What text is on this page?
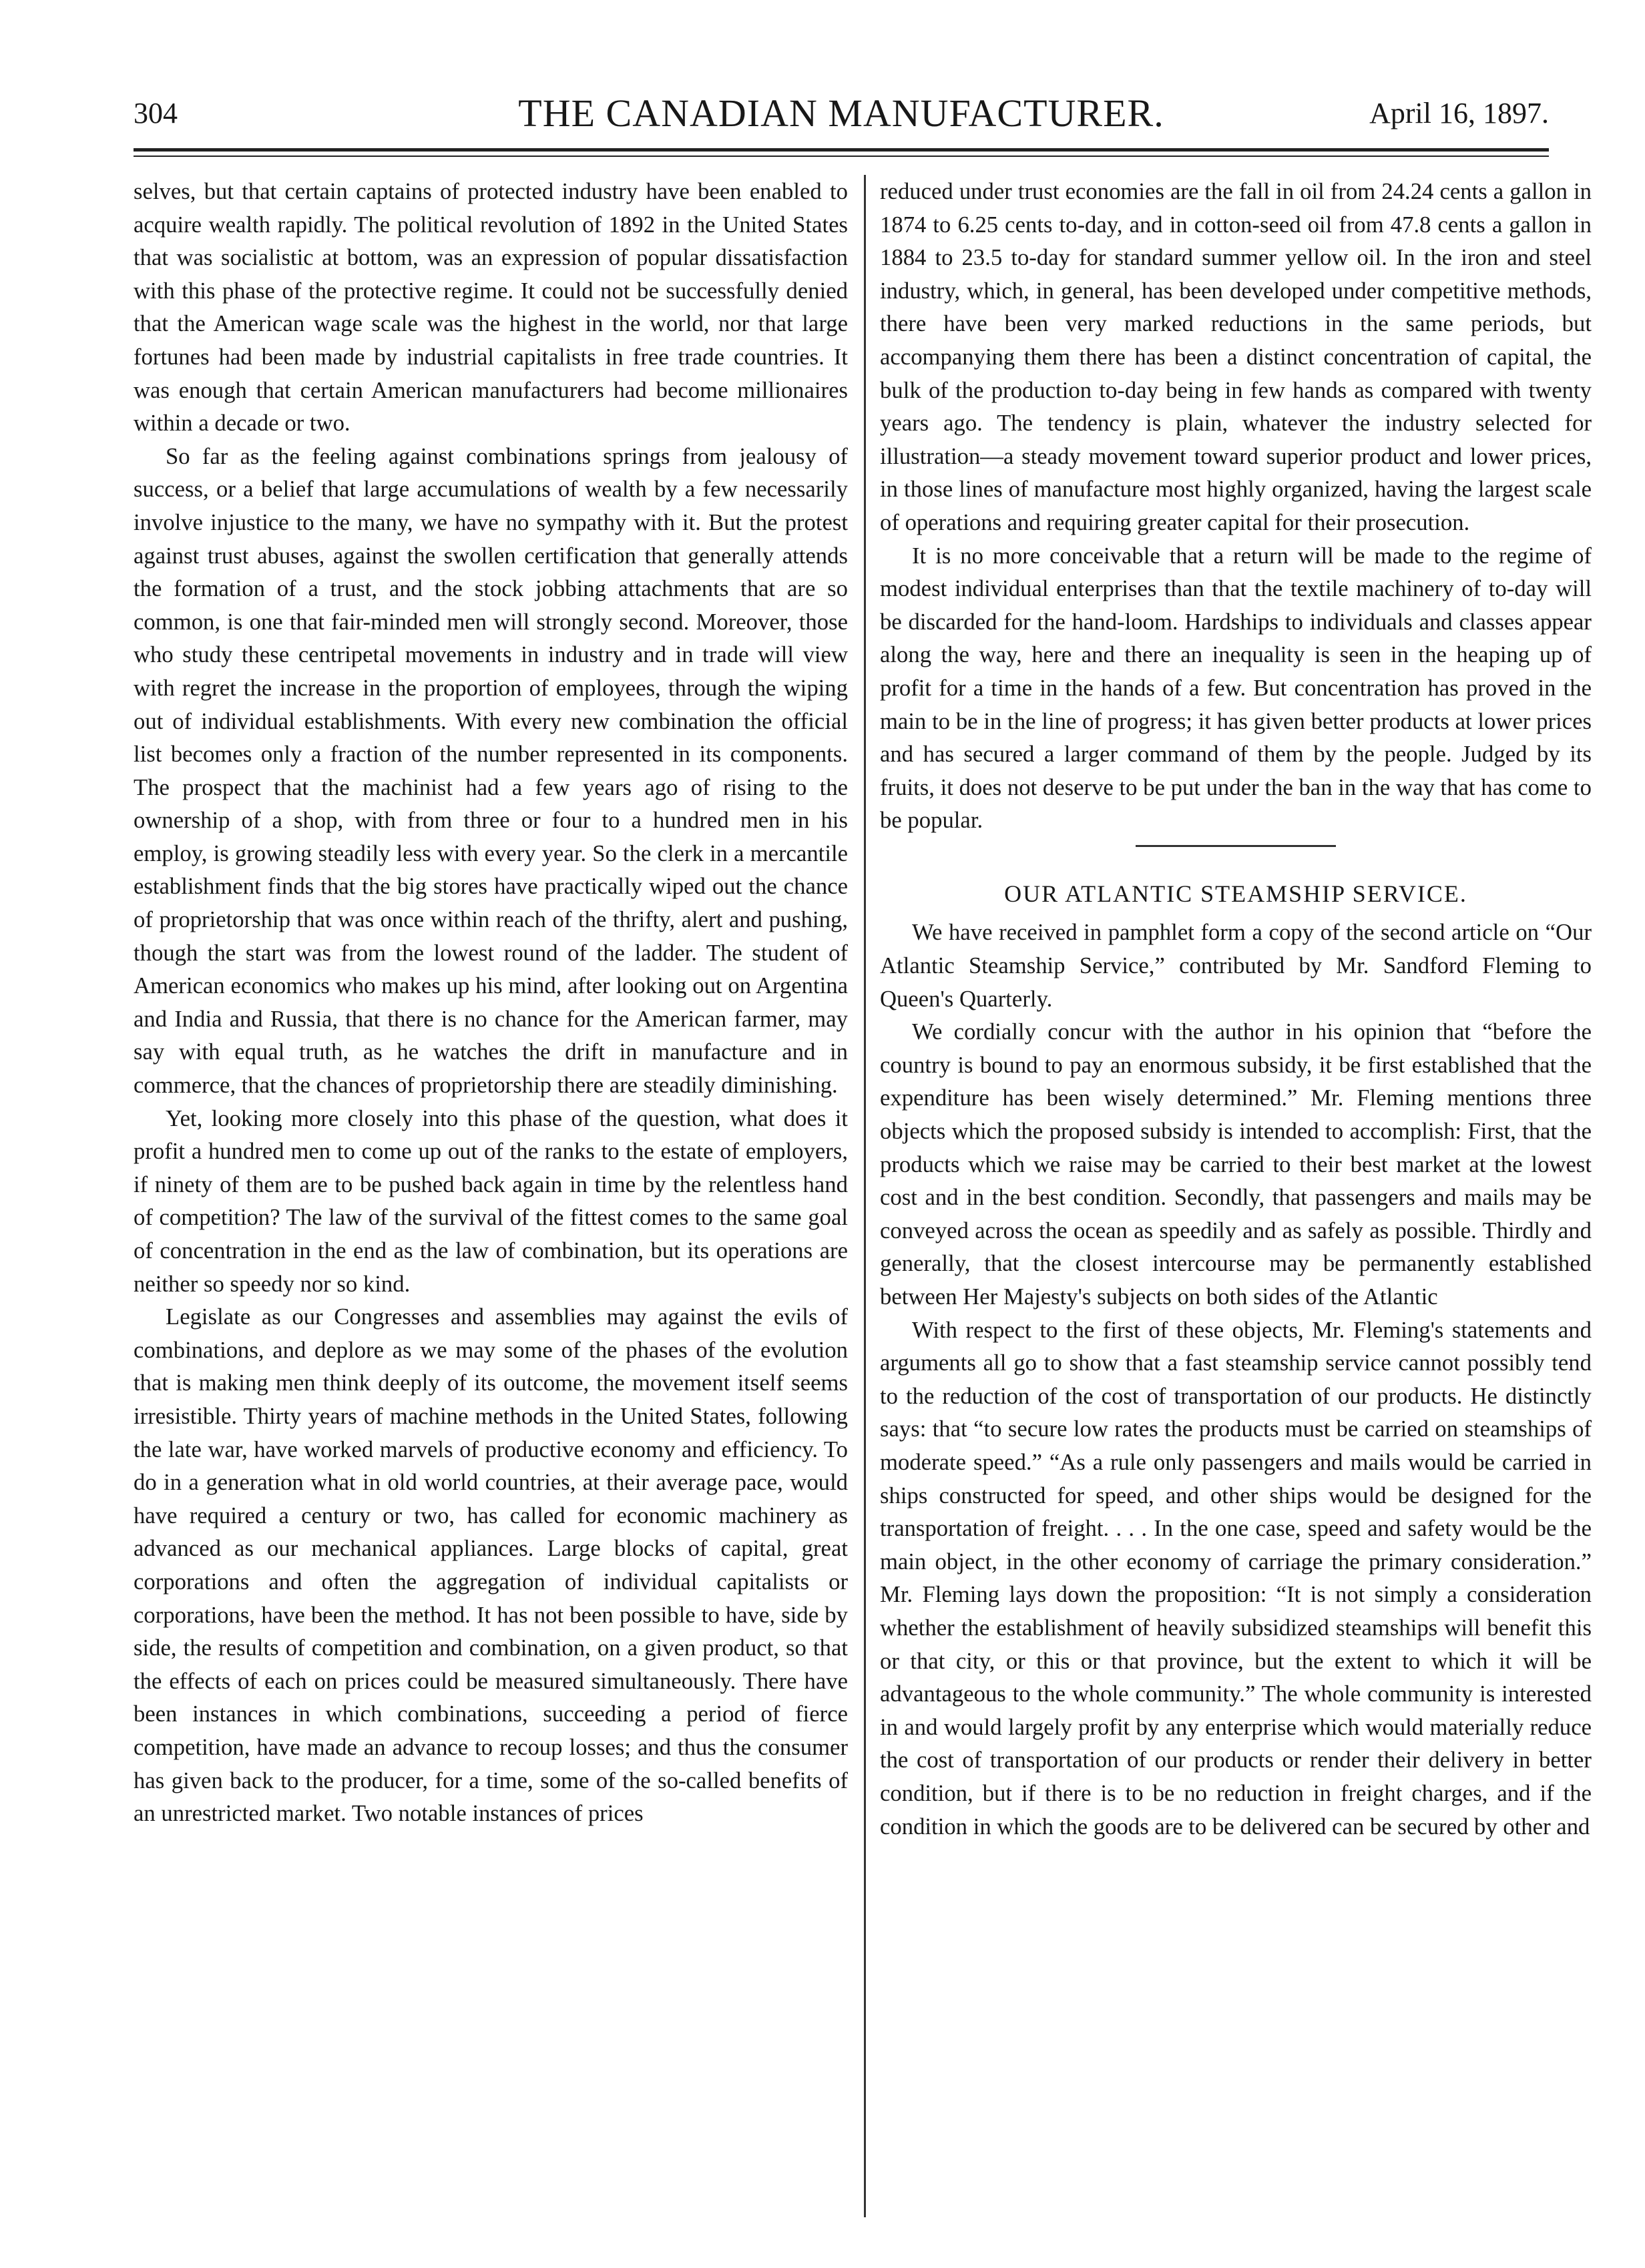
304	THE CANADIAN MANUFACTURER.	April 16, 1897.

selves, but that certain captains of protected industry have been enabled to acquire wealth rapidly. The political revolution of 1892 in the United States that was socialistic at bottom, was an expression of popular dissatisfaction with this phase of the protective regime. It could not be successfully denied that the American wage scale was the highest in the world, nor that large fortunes had been made by industrial capitalists in free trade countries. It was enough that certain American manufacturers had become millionaires within a decade or two.

So far as the feeling against combinations springs from jealousy of success, or a belief that large accumulations of wealth by a few necessarily involve injustice to the many, we have no sympathy with it. But the protest against trust abuses, against the swollen certification that generally attends the formation of a trust, and the stock jobbing attachments that are so common, is one that fair-minded men will strongly second. Moreover, those who study these centripetal movements in industry and in trade will view with regret the increase in the proportion of employees, through the wiping out of individual establishments. With every new combination the official list becomes only a fraction of the number represented in its components. The prospect that the machinist had a few years ago of rising to the ownership of a shop, with from three or four to a hundred men in his employ, is growing steadily less with every year. So the clerk in a mercantile establishment finds that the big stores have practically wiped out the chance of proprietorship that was once within reach of the thrifty, alert and pushing, though the start was from the lowest round of the ladder. The student of American economics who makes up his mind, after looking out on Argentina and India and Russia, that there is no chance for the American farmer, may say with equal truth, as he watches the drift in manufacture and in commerce, that the chances of proprietorship there are steadily diminishing.

Yet, looking more closely into this phase of the question, what does it profit a hundred men to come up out of the ranks to the estate of employers, if ninety of them are to be pushed back again in time by the relentless hand of competition? The law of the survival of the fittest comes to the same goal of concentration in the end as the law of combination, but its operations are neither so speedy nor so kind.

Legislate as our Congresses and assemblies may against the evils of combinations, and deplore as we may some of the phases of the evolution that is making men think deeply of its outcome, the movement itself seems irresistible. Thirty years of machine methods in the United States, following the late war, have worked marvels of productive economy and efficiency. To do in a generation what in old world countries, at their average pace, would have required a century or two, has called for economic machinery as advanced as our mechanical appliances. Large blocks of capital, great corporations and often the aggregation of individual capitalists or corporations, have been the method. It has not been possible to have, side by side, the results of competition and combination, on a given product, so that the effects of each on prices could be measured simultaneously. There have been instances in which combinations, succeeding a period of fierce competition, have made an advance to recoup losses; and thus the consumer has given back to the producer, for a time, some of the so-called benefits of an unrestricted market. Two notable instances of prices

reduced under trust economies are the fall in oil from 24.24 cents a gallon in 1874 to 6.25 cents to-day, and in cotton-seed oil from 47.8 cents a gallon in 1884 to 23.5 to-day for standard summer yellow oil. In the iron and steel industry, which, in general, has been developed under competitive methods, there have been very marked reductions in the same periods, but accompanying them there has been a distinct concentration of capital, the bulk of the production to-day being in few hands as compared with twenty years ago. The tendency is plain, whatever the industry selected for illustration—a steady movement toward superior product and lower prices, in those lines of manufacture most highly organized, having the largest scale of operations and requiring greater capital for their prosecution.

It is no more conceivable that a return will be made to the regime of modest individual enterprises than that the textile machinery of to-day will be discarded for the hand-loom. Hardships to individuals and classes appear along the way, here and there an inequality is seen in the heaping up of profit for a time in the hands of a few. But concentration has proved in the main to be in the line of progress; it has given better products at lower prices and has secured a larger command of them by the people. Judged by its fruits, it does not deserve to be put under the ban in the way that has come to be popular.

OUR ATLANTIC STEAMSHIP SERVICE.

We have received in pamphlet form a copy of the second article on “Our Atlantic Steamship Service,” contributed by Mr. Sandford Fleming to Queen's Quarterly.

We cordially concur with the author in his opinion that “before the country is bound to pay an enormous subsidy, it be first established that the expenditure has been wisely determined.” Mr. Fleming mentions three objects which the proposed subsidy is intended to accomplish: First, that the products which we raise may be carried to their best market at the lowest cost and in the best condition. Secondly, that passengers and mails may be conveyed across the ocean as speedily and as safely as possible. Thirdly and generally, that the closest intercourse may be permanently established between Her Majesty's subjects on both sides of the Atlantic

With respect to the first of these objects, Mr. Fleming's statements and arguments all go to show that a fast steamship service cannot possibly tend to the reduction of the cost of transportation of our products. He distinctly says: that “to secure low rates the products must be carried on steamships of moderate speed.” “As a rule only passengers and mails would be carried in ships constructed for speed, and other ships would be designed for the transportation of freight. . . . In the one case, speed and safety would be the main object, in the other economy of carriage the primary consideration.” Mr. Fleming lays down the proposition: “It is not simply a consideration whether the establishment of heavily subsidized steamships will benefit this or that city, or this or that province, but the extent to which it will be advantageous to the whole community.” The whole community is interested in and would largely profit by any enterprise which would materially reduce the cost of transportation of our products or render their delivery in better condition, but if there is to be no reduction in freight charges, and if the condition in which the goods are to be delivered can be secured by other and
